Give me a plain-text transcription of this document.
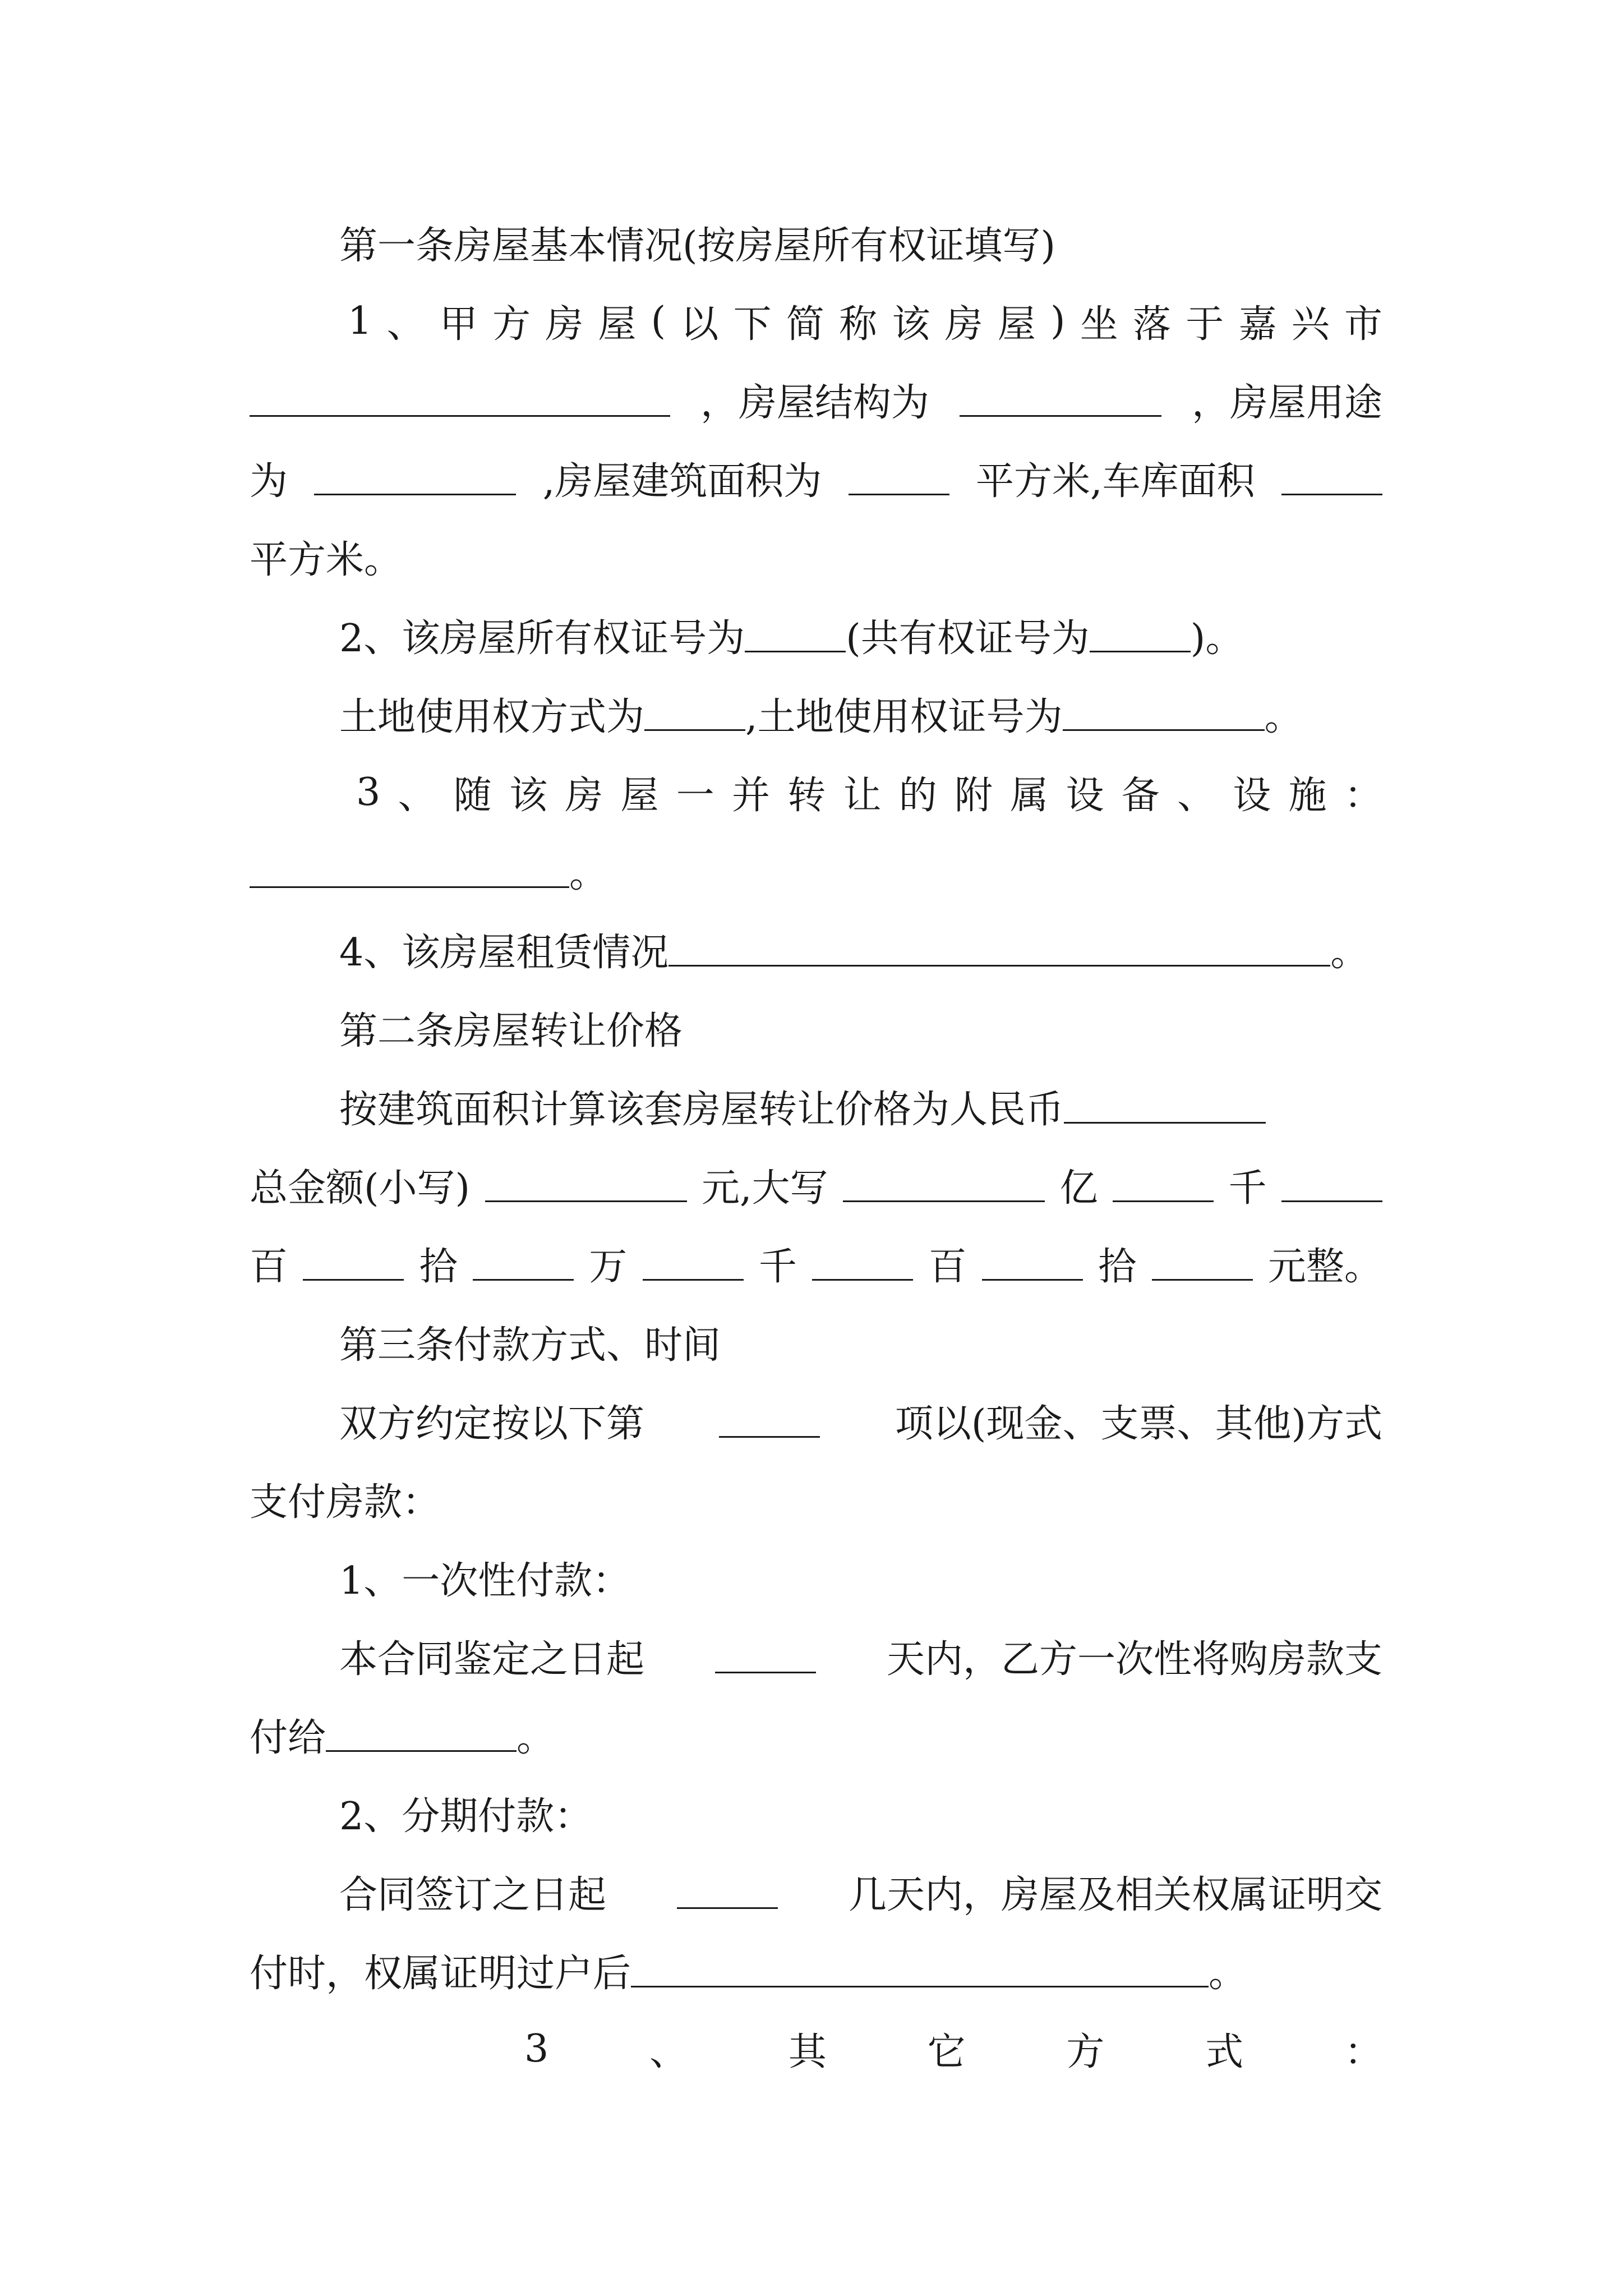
第一条房屋基本情况(按房屋所有权证填写)
1 、 甲 方 房 屋 ( 以 下 简 称 该 房 屋 ) 坐 落 于 嘉 兴 市
，房屋结构为	，房屋用途
为	,房屋建筑面积为	平方米,车库面积
平方米。
2、该房屋所有权证号为	(共有权证号为	)。
土地使用权方式为	,土地使用权证号为	。
3 、 随 该 房 屋 一 并 转 让 的 附 属 设 备 、 设 施 ：
。
4、该房屋租赁情况	。
第二条房屋转让价格
按建筑面积计算该套房屋转让价格为人民币
总金额(小写)	元,大写	亿	千
百	拾	万	千	百	拾	元整。
第三条付款方式、时间
双方约定按以下第	项以(现金、支票、其他)方式
支付房款：
1、一次性付款：
本合同鉴定之日起	天内，乙方一次性将购房款支
付给	。
2、分期付款：
合同签订之日起	几天内，房屋及相关权属证明交
付时，权属证明过户后	。
3	、	其	它	方	式	：
